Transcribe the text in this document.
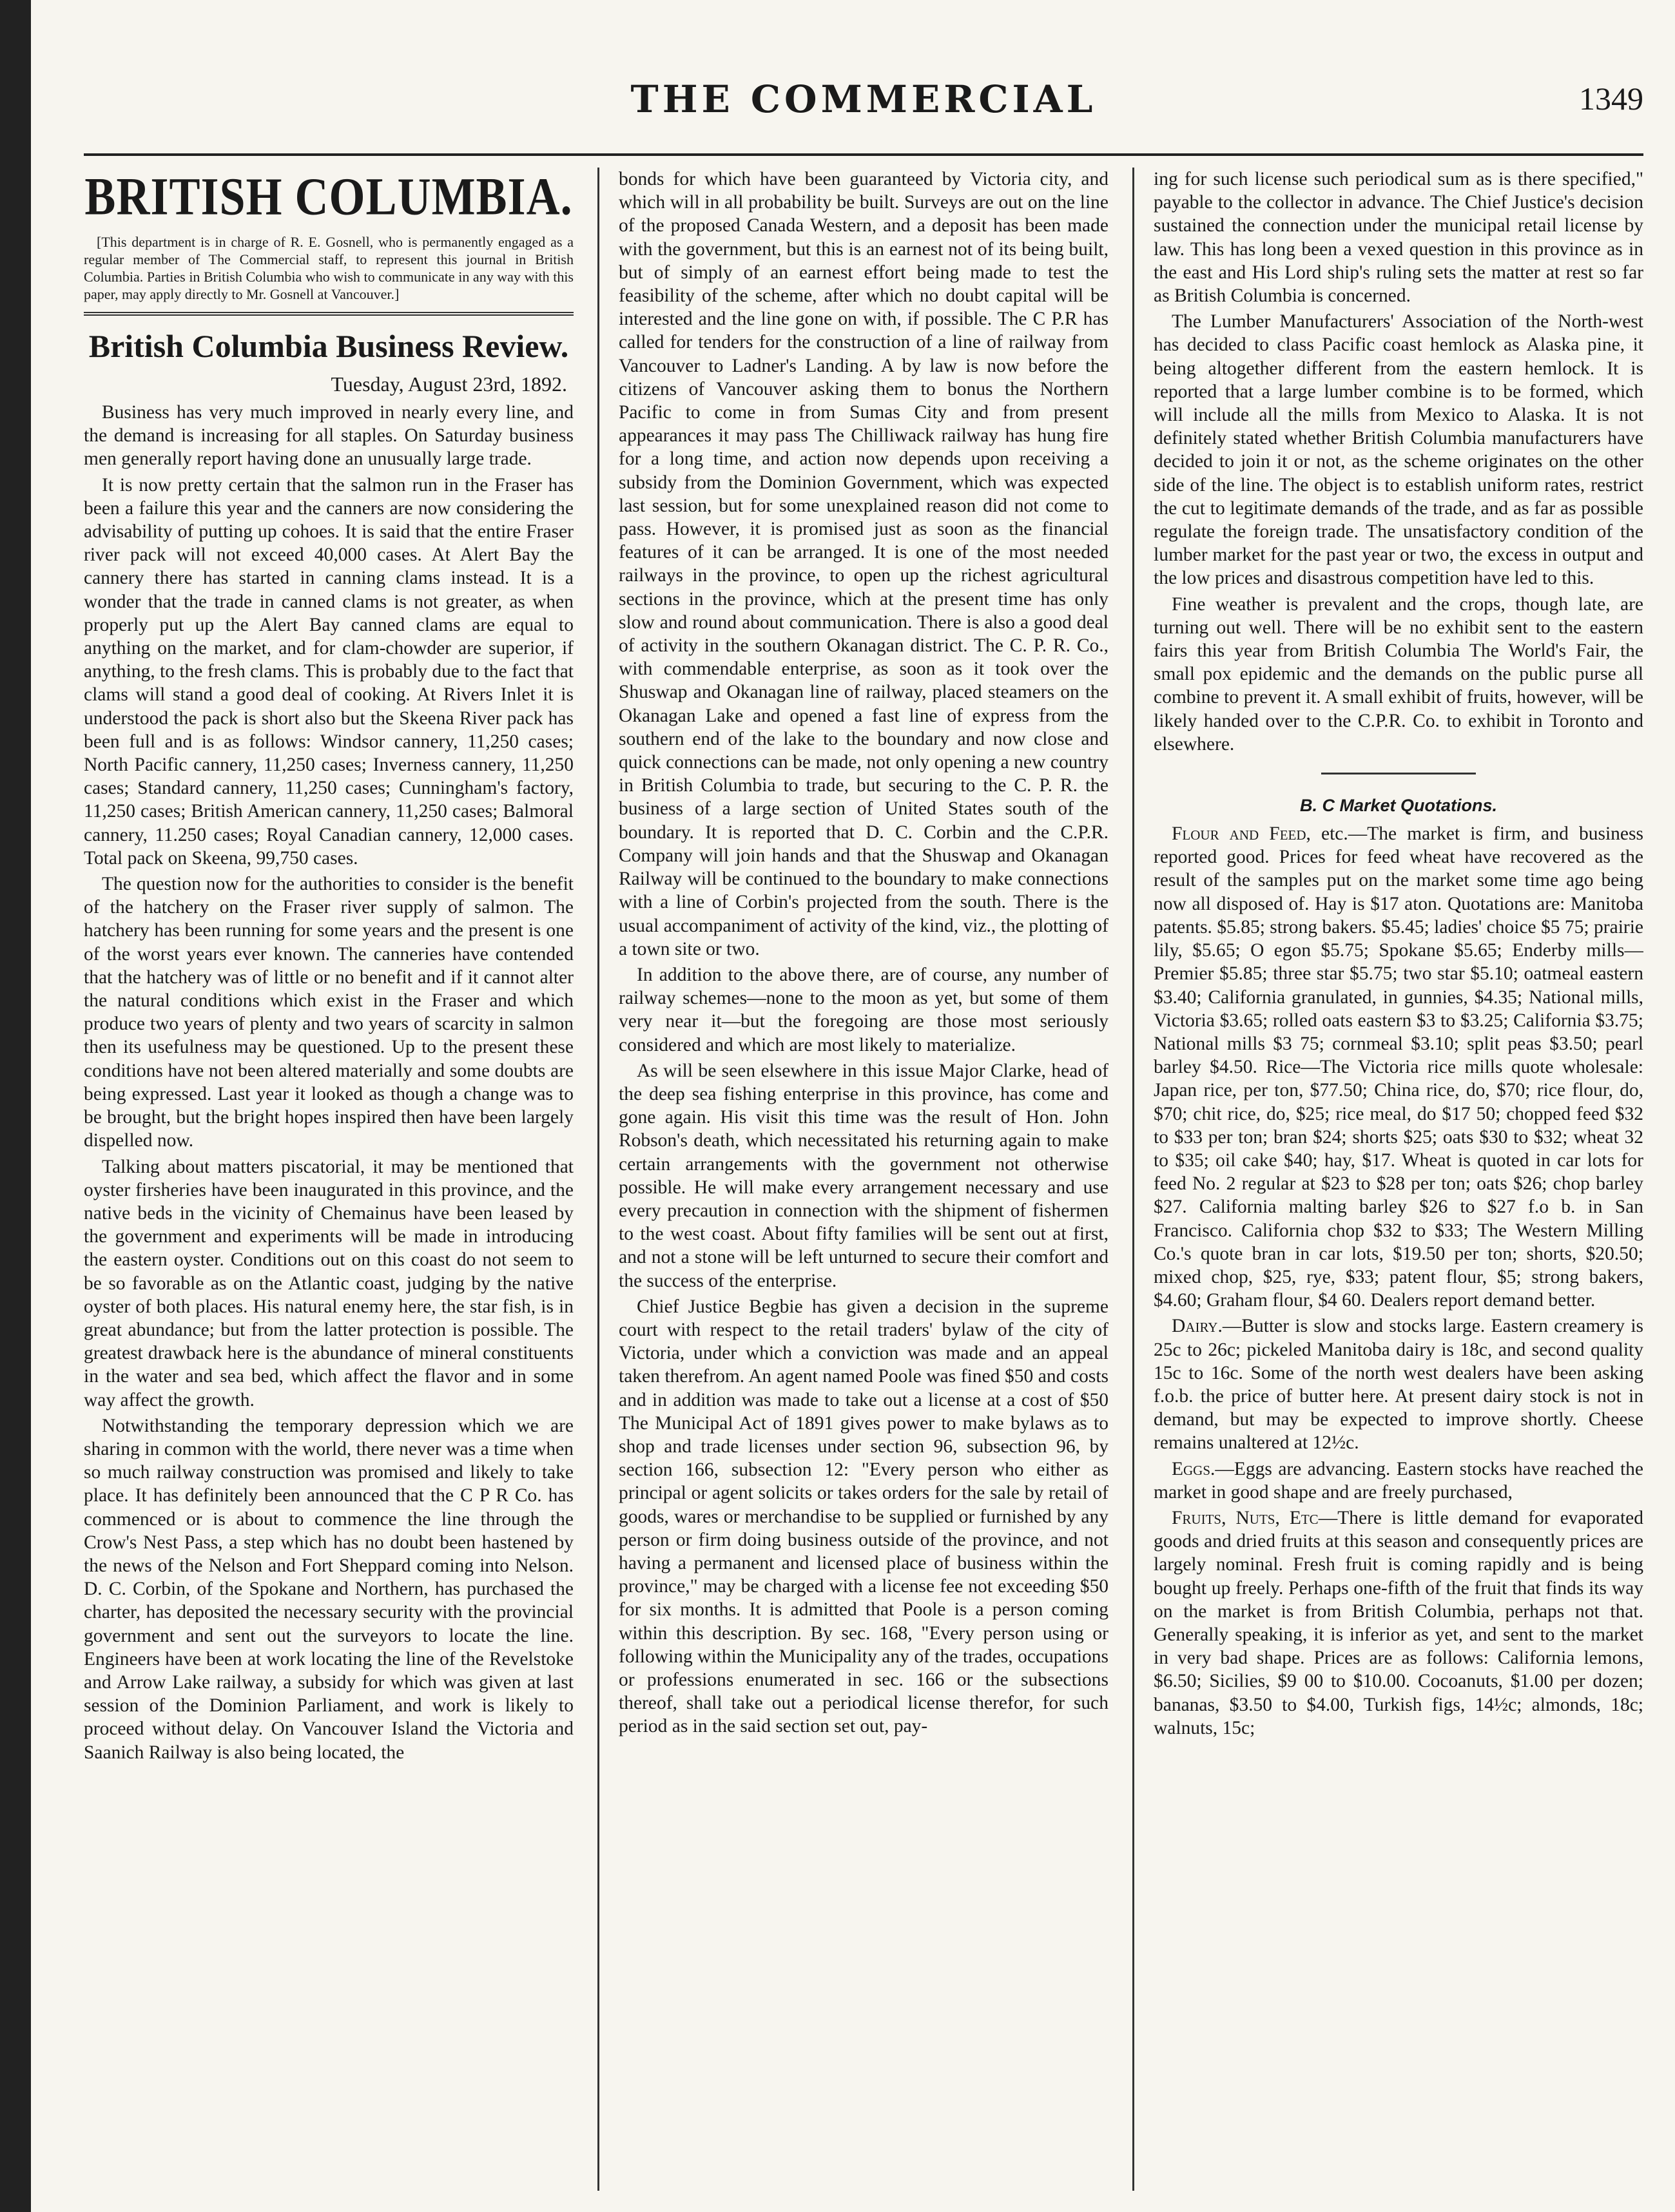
THE COMMERCIAL	1349
BRITISH COLUMBIA.

[This department is in charge of R. E. Gosnell, who is permanently engaged as a regular member of The Commercial staff, to represent this journal in British Columbia. Parties in British Columbia who wish to communicate in any way with this paper, may apply directly to Mr. Gosnell at Vancouver.]

British Columbia Business Review.
Tuesday, August 23rd, 1892.

Business has very much improved in nearly every line, and the demand is increasing for all staples. On Saturday business men generally report having done an unusually large trade.

It is now pretty certain that the salmon run in the Fraser has been a failure this year and the canners are now considering the advisability of putting up cohoes. It is said that the entire Fraser river pack will not exceed 40,000 cases. At Alert Bay the cannery there has started in canning clams instead. It is a wonder that the trade in canned clams is not greater, as when properly put up the Alert Bay canned clams are equal to anything on the market, and for clam-chowder are superior, if anything, to the fresh clams. This is probably due to the fact that clams will stand a good deal of cooking. At Rivers Inlet it is understood the pack is short also but the Skeena River pack has been full and is as follows: Windsor cannery, 11,250 cases; North Pacific cannery, 11,250 cases; Inverness cannery, 11,250 cases; Standard cannery, 11,250 cases; Cunningham's factory, 11,250 cases; British American cannery, 11,250 cases; Balmoral cannery, 11.250 cases; Royal Canadian cannery, 12,000 cases. Total pack on Skeena, 99,750 cases.

The question now for the authorities to consider is the benefit of the hatchery on the Fraser river supply of salmon. The hatchery has been running for some years and the present is one of the worst years ever known. The canneries have contended that the hatchery was of little or no benefit and if it cannot alter the natural conditions which exist in the Fraser and which produce two years of plenty and two years of scarcity in salmon then its usefulness may be questioned. Up to the present these conditions have not been altered materially and some doubts are being expressed. Last year it looked as though a change was to be brought, but the bright hopes inspired then have been largely dispelled now.

Talking about matters piscatorial, it may be mentioned that oyster firsheries have been inaugurated in this province, and the native beds in the vicinity of Chemainus have been leased by the government and experiments will be made in introducing the eastern oyster. Conditions out on this coast do not seem to be so favorable as on the Atlantic coast, judging by the native oyster of both places. His natural enemy here, the star fish, is in great abundance; but from the latter protection is possible. The greatest drawback here is the abundance of mineral constituents in the water and sea bed, which affect the flavor and in some way affect the growth.

Notwithstanding the temporary depression which we are sharing in common with the world, there never was a time when so much railway construction was promised and likely to take place. It has definitely been announced that the C P R Co. has commenced or is about to commence the line through the Crow's Nest Pass, a step which has no doubt been hastened by the news of the Nelson and Fort Sheppard coming into Nelson. D. C. Corbin, of the Spokane and Northern, has purchased the charter, has deposited the necessary security with the provincial government and sent out the surveyors to locate the line. Engineers have been at work locating the line of the Revelstoke and Arrow Lake railway, a subsidy for which was given at last session of the Dominion Parliament, and work is likely to proceed without delay. On Vancouver Island the Victoria and Saanich Railway is also being located, the

bonds for which have been guaranteed by Victoria city, and which will in all probability be built. Surveys are out on the line of the proposed Canada Western, and a deposit has been made with the government, but this is an earnest not of its being built, but of simply of an earnest effort being made to test the feasibility of the scheme, after which no doubt capital will be interested and the line gone on with, if possible. The C P.R has called for tenders for the construction of a line of railway from Vancouver to Ladner's Landing. A by law is now before the citizens of Vancouver asking them to bonus the Northern Pacific to come in from Sumas City and from present appearances it may pass The Chilliwack railway has hung fire for a long time, and action now depends upon receiving a subsidy from the Dominion Government, which was expected last session, but for some unexplained reason did not come to pass. However, it is promised just as soon as the financial features of it can be arranged. It is one of the most needed railways in the province, to open up the richest agricultural sections in the province, which at the present time has only slow and round about communication. There is also a good deal of activity in the southern Okanagan district. The C. P. R. Co., with commendable enterprise, as soon as it took over the Shuswap and Okanagan line of railway, placed steamers on the Okanagan Lake and opened a fast line of express from the southern end of the lake to the boundary and now close and quick connections can be made, not only opening a new country in British Columbia to trade, but securing to the C. P. R. the business of a large section of United States south of the boundary. It is reported that D. C. Corbin and the C.P.R. Company will join hands and that the Shuswap and Okanagan Railway will be continued to the boundary to make connections with a line of Corbin's projected from the south. There is the usual accompaniment of activity of the kind, viz., the plotting of a town site or two.

In addition to the above there, are of course, any number of railway schemes—none to the moon as yet, but some of them very near it—but the foregoing are those most seriously considered and which are most likely to materialize.

As will be seen elsewhere in this issue Major Clarke, head of the deep sea fishing enterprise in this province, has come and gone again. His visit this time was the result of Hon. John Robson's death, which necessitated his returning again to make certain arrangements with the government not otherwise possible. He will make every arrangement necessary and use every precaution in connection with the shipment of fishermen to the west coast. About fifty families will be sent out at first, and not a stone will be left unturned to secure their comfort and the success of the enterprise.

Chief Justice Begbie has given a decision in the supreme court with respect to the retail traders' bylaw of the city of Victoria, under which a conviction was made and an appeal taken therefrom. An agent named Poole was fined $50 and costs and in addition was made to take out a license at a cost of $50 The Municipal Act of 1891 gives power to make bylaws as to shop and trade licenses under section 96, subsection 96, by section 166, subsection 12: "Every person who either as principal or agent solicits or takes orders for the sale by retail of goods, wares or merchandise to be supplied or furnished by any person or firm doing business outside of the province, and not having a permanent and licensed place of business within the province," may be charged with a license fee not exceeding $50 for six months. It is admitted that Poole is a person coming within this description. By sec. 168, "Every person using or following within the Municipality any of the trades, occupations or professions enumerated in sec. 166 or the subsections thereof, shall take out a periodical license therefor, for such period as in the said section set out, pay-

ing for such license such periodical sum as is there specified," payable to the collector in advance. The Chief Justice's decision sustained the connection under the municipal retail license by law. This has long been a vexed question in this province as in the east and His Lord ship's ruling sets the matter at rest so far as British Columbia is concerned.

The Lumber Manufacturers' Association of the North-west has decided to class Pacific coast hemlock as Alaska pine, it being altogether different from the eastern hemlock. It is reported that a large lumber combine is to be formed, which will include all the mills from Mexico to Alaska. It is not definitely stated whether British Columbia manufacturers have decided to join it or not, as the scheme originates on the other side of the line. The object is to establish uniform rates, restrict the cut to legitimate demands of the trade, and as far as possible regulate the foreign trade. The unsatisfactory condition of the lumber market for the past year or two, the excess in output and the low prices and disastrous competition have led to this.

Fine weather is prevalent and the crops, though late, are turning out well. There will be no exhibit sent to the eastern fairs this year from British Columbia The World's Fair, the small pox epidemic and the demands on the public purse all combine to prevent it. A small exhibit of fruits, however, will be likely handed over to the C.P.R. Co. to exhibit in Toronto and elsewhere.

B. C Market Quotations.

Flour and Feed, etc.—The market is firm, and business reported good. Prices for feed wheat have recovered as the result of the samples put on the market some time ago being now all disposed of. Hay is $17 aton. Quotations are: Manitoba patents. $5.85; strong bakers. $5.45; ladies' choice $5 75; prairie lily, $5.65; O egon $5.75; Spokane $5.65; Enderby mills—Premier $5.85; three star $5.75; two star $5.10; oatmeal eastern $3.40; California granulated, in gunnies, $4.35; National mills, Victoria $3.65; rolled oats eastern $3 to $3.25; California $3.75; National mills $3 75; cornmeal $3.10; split peas $3.50; pearl barley $4.50. Rice—The Victoria rice mills quote wholesale: Japan rice, per ton, $77.50; China rice, do, $70; rice flour, do, $70; chit rice, do, $25; rice meal, do $17 50; chopped feed $32 to $33 per ton; bran $24; shorts $25; oats $30 to $32; wheat 32 to $35; oil cake $40; hay, $17. Wheat is quoted in car lots for feed No. 2 regular at $23 to $28 per ton; oats $26; chop barley $27. California malting barley $26 to $27 f.o b. in San Francisco. California chop $32 to $33; The Western Milling Co.'s quote bran in car lots, $19.50 per ton; shorts, $20.50; mixed chop, $25, rye, $33; patent flour, $5; strong bakers, $4.60; Graham flour, $4 60. Dealers report demand better.

Dairy.—Butter is slow and stocks large. Eastern creamery is 25c to 26c; pickeled Manitoba dairy is 18c, and second quality 15c to 16c. Some of the north west dealers have been asking f.o.b. the price of butter here. At present dairy stock is not in demand, but may be expected to improve shortly. Cheese remains unaltered at 12½c.

Eggs.—Eggs are advancing. Eastern stocks have reached the market in good shape and are freely purchased,

Fruits, Nuts, Etc—There is little demand for evaporated goods and dried fruits at this season and consequently prices are largely nominal. Fresh fruit is coming rapidly and is being bought up freely. Perhaps one-fifth of the fruit that finds its way on the market is from British Columbia, perhaps not that. Generally speaking, it is inferior as yet, and sent to the market in very bad shape. Prices are as follows: California lemons, $6.50; Sicilies, $9 00 to $10.00. Cocoanuts, $1.00 per dozen; bananas, $3.50 to $4.00, Turkish figs, 14½c; almonds, 18c; walnuts, 15c;
